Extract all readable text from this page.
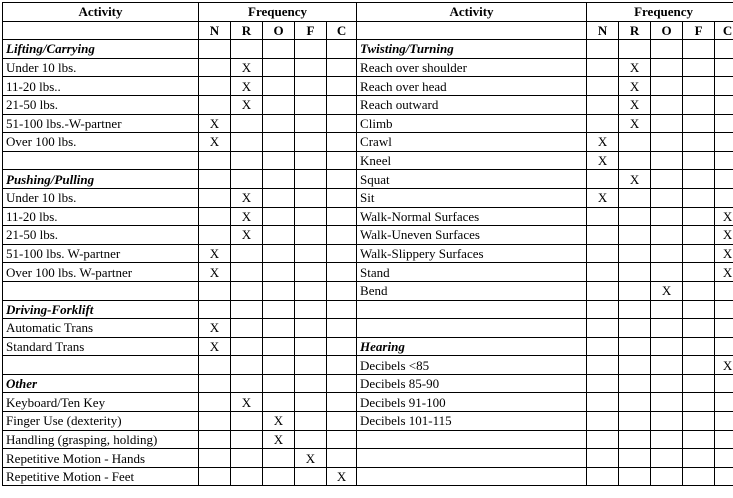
Activity	Frequency					Activity	Frequency				
	N	R	O	F	C		N	R	O	F	C
Lifting/Carrying						Twisting/Turning					
Under 10 lbs.		X				Reach over shoulder		X			
11-20 lbs..		X				Reach over head		X			
21-50 lbs.		X				Reach outward		X			
51-100 lbs.-W-partner	X					Climb		X			
Over 100 lbs.	X					Crawl	X				
						Kneel	X				
Pushing/Pulling						Squat		X			
Under 10 lbs.		X				Sit	X				
11-20 lbs.		X				Walk-Normal Surfaces					X
21-50 lbs.		X				Walk-Uneven Surfaces					X
51-100 lbs. W-partner	X					Walk-Slippery Surfaces					X
Over 100 lbs. W-partner	X					Stand					X
						Bend			X		
Driving-Forklift											
Automatic Trans	X										
Standard Trans	X					Hearing					
						Decibels <85					X
Other						Decibels 85-90					
Keyboard/Ten Key		X				Decibels 91-100					
Finger Use (dexterity)			X			Decibels 101-115					
Handling (grasping, holding)			X								
Repetitive Motion - Hands				X							
Repetitive Motion - Feet					X						
